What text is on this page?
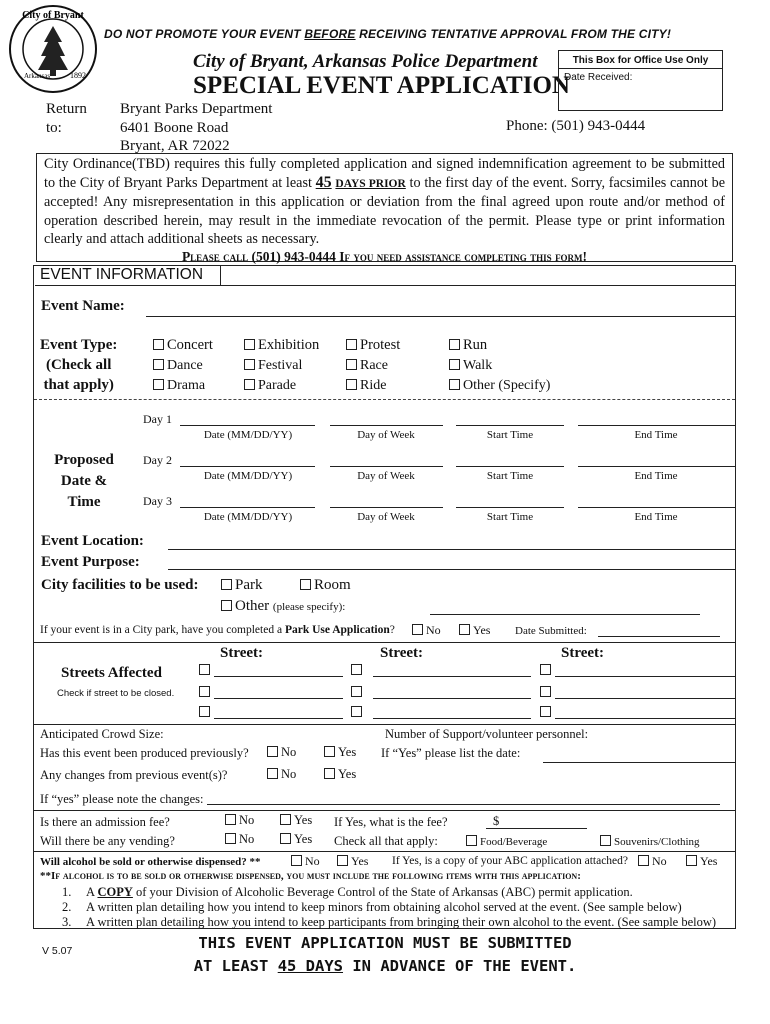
City of Bryant
Arkansas 1892
DO NOT PROMOTE YOUR EVENT BEFORE RECEIVING TENTATIVE APPROVAL FROM THE CITY!
City of Bryant, Arkansas Police Department
SPECIAL EVENT APPLICATION
This Box for Office Use Only
Date Received:
Return
to:
Bryant Parks Department
6401 Boone Road
Bryant, AR 72022
Phone: (501) 943-0444
City Ordinance(TBD) requires this fully completed application and signed indemnification agreement to be submitted to the City of Bryant Parks Department at least 45 DAYS PRIOR to the first day of the event. Sorry, facsimiles cannot be accepted! Any misrepresentation in this application or deviation from the final agreed upon route and/or method of operation described herein, may result in the immediate revocation of the permit. Please type or print information clearly and attach additional sheets as necessary.
Please call (501) 943-0444 If you need assistance completing this form!
EVENT INFORMATION
Event Name:
Event Type:
(Check all
that apply)
Concert	Exhibition	Protest	Run
Dance	Festival	Race	Walk
Drama	Parade	Ride	Other (Specify)
Proposed
Date &
Time
Day 1
Date (MM/DD/YY)	Day of Week	Start Time	End Time
Day 2
Date (MM/DD/YY)	Day of Week	Start Time	End Time
Day 3
Date (MM/DD/YY)	Day of Week	Start Time	End Time
Event Location:
Event Purpose:
City facilities to be used:	Park	Room
Other (please specify):
If your event is in a City park, have you completed a Park Use Application?	No	Yes Date Submitted:
Streets Affected
Check if street to be closed.
Street:	Street:	Street:
Anticipated Crowd Size:	Number of Support/volunteer personnel:
Has this event been produced previously?	No	Yes If “Yes” please list the date:
Any changes from previous event(s)?	No	Yes
If “yes” please note the changes:
Is there an admission fee?	No	Yes If Yes, what is the fee?	$
Will there be any vending?	No	Yes Check all that apply:	Food/Beverage	Souvenirs/Clothing
Will alcohol be sold or otherwise dispensed? **	No	Yes If Yes, is a copy of your ABC application attached?	No	Yes
**If alcohol is to be sold or otherwise dispensed, you must include the following items with this application:
1. A COPY of your Division of Alcoholic Beverage Control of the State of Arkansas (ABC) permit application.
2. A written plan detailing how you intend to keep minors from obtaining alcohol served at the event. (See sample below)
3. A written plan detailing how you intend to keep participants from bringing their own alcohol to the event. (See sample below)
V 5.07	THIS EVENT APPLICATION MUST BE SUBMITTED
AT LEAST 45 DAYS IN ADVANCE OF THE EVENT.
